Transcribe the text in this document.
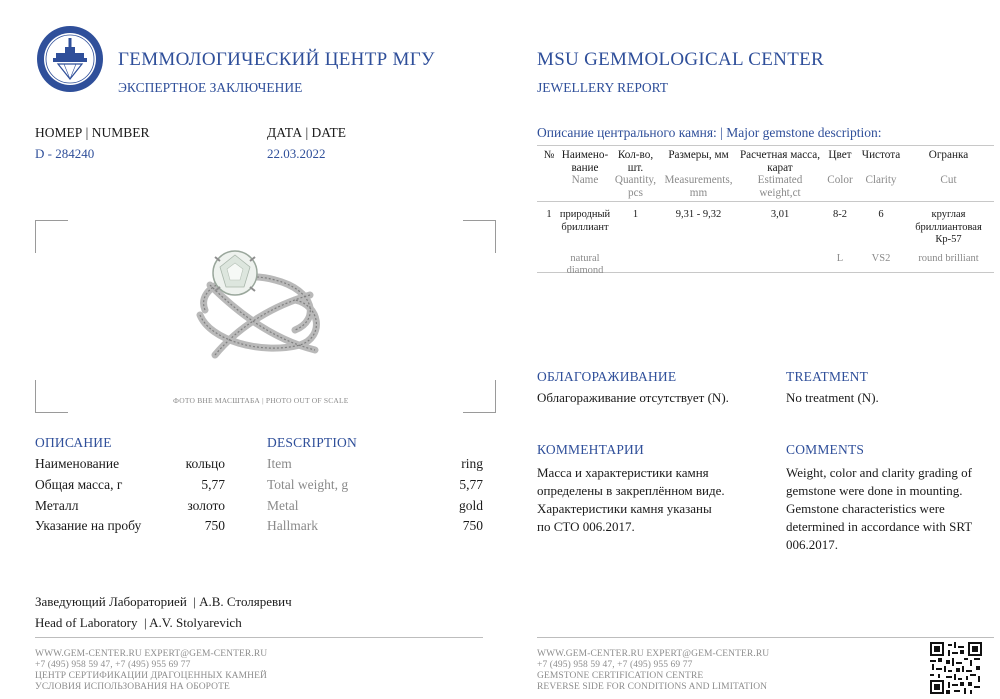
ГЕММОЛОГИЧЕСКИЙ ЦЕНТР МГУ
ЭКСПЕРТНОЕ ЗАКЛЮЧЕНИЕ
MSU GEMMOLOGICAL CENTER
JEWELLERY REPORT
НОМЕР | NUMBER
D - 284240
ДАТА | DATE
22.03.2022
ФОТО ВНЕ МАСШТАБА | PHOTO OUT OF SCALE
Описание центрального камня: | Major gemstone description:
№	Наимено-вание	Кол-во, шт.	Размеры, мм	Расчетная масса, карат	Цвет	Чистота	Огранка
	Name	Quantity, pcs	Measurements, mm	Estimated weight,ct	Color	Clarity	Cut

1	природный бриллиант	1	9,31 - 9,32	3,01	8-2	6	круглая бриллиантовая Кр-57

	natural diamond				L	VS2	round brilliant
ОБЛАГОРАЖИВАНИЕ
Облагораживание отсутствует (N).
TREATMENT
No treatment (N).
КОММЕНТАРИИ
Масса и характеристики камня
определены в закреплённом виде.
Характеристики камня указаны
по СТО 006.2017.
COMMENTS
Weight, color and clarity grading of
gemstone were done in mounting.
Gemstone characteristics were
determined in accordance with SRT
006.2017.
ОПИСАНИЕ	DESCRIPTION
Наименование	кольцо
Общая масса, г	5,77
Металл	золото
Указание на пробу	750
Item	ring
Total weight, g	5,77
Metal	gold
Hallmark	750
Заведующий Лабораторией  | А.В. Столяревич
Head of Laboratory  | A.V. Stolyarevich
WWW.GEM-CENTER.RU EXPERT@GEM-CENTER.RU
+7 (495) 958 59 47, +7 (495) 955 69 77
ЦЕНТР СЕРТИФИКАЦИИ ДРАГОЦЕННЫХ КАМНЕЙ
УСЛОВИЯ ИСПОЛЬЗОВАНИЯ НА ОБОРОТЕ
WWW.GEM-CENTER.RU EXPERT@GEM-CENTER.RU
+7 (495) 958 59 47, +7 (495) 955 69 77
GEMSTONE CERTIFICATION CENTRE
REVERSE SIDE FOR CONDITIONS AND LIMITATION
